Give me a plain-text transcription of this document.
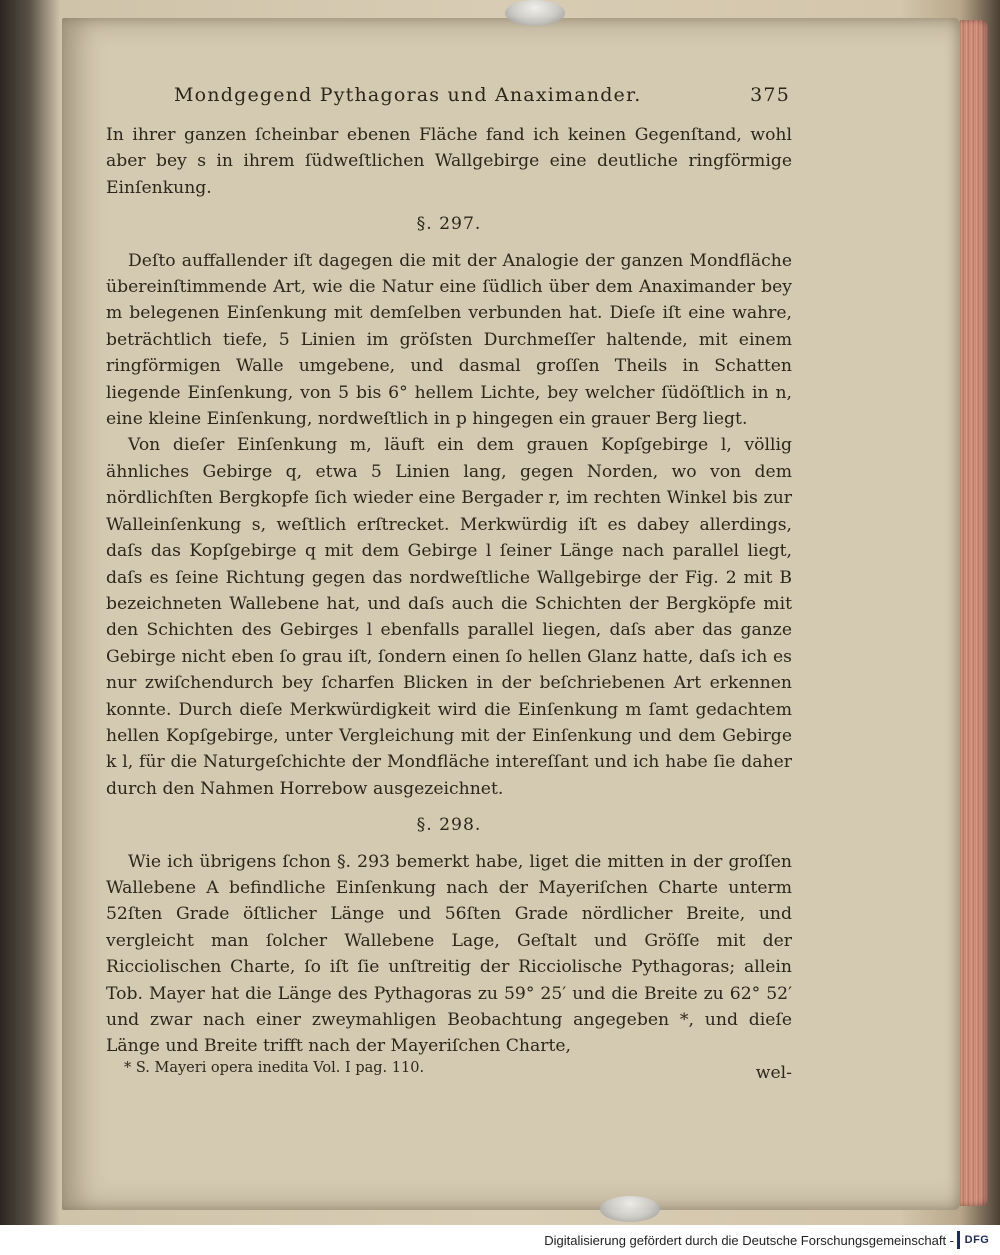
Mondgegend Pythagoras und Anaximander.	375

In ihrer ganzen ſcheinbar ebenen Fläche fand ich keinen Gegenſtand, wohl aber bey s in ihrem ſüdweſtlichen Wallgebirge eine deutliche ringförmige Einſenkung.

§. 297.

Deſto auffallender iſt dagegen die mit der Analogie der ganzen Mondfläche übereinſtimmende Art, wie die Natur eine ſüdlich über dem Anaximander bey m belegenen Einſenkung mit demſelben verbunden hat. Dieſe iſt eine wahre, beträchtlich tiefe, 5 Linien im gröſsten Durchmeſſer haltende, mit einem ringförmigen Walle umgebene, und dasmal groſſen Theils in Schatten liegende Einſenkung, von 5 bis 6° hellem Lichte, bey welcher ſüdöſtlich in n, eine kleine Einſenkung, nordweſtlich in p hingegen ein grauer Berg liegt.

Von dieſer Einſenkung m, läuft ein dem grauen Kopſgebirge l, völlig ähnliches Gebirge q, etwa 5 Linien lang, gegen Norden, wo von dem nördlichſten Bergkopfe ſich wieder eine Bergader r, im rechten Winkel bis zur Walleinſenkung s, weſtlich erſtrecket. Merkwürdig iſt es dabey allerdings, daſs das Kopſgebirge q mit dem Gebirge l ſeiner Länge nach parallel liegt, daſs es ſeine Richtung gegen das nordweſtliche Wallgebirge der Fig. 2 mit B bezeichneten Wallebene hat, und daſs auch die Schichten der Bergköpfe mit den Schichten des Gebirges l ebenfalls parallel liegen, daſs aber das ganze Gebirge nicht eben ſo grau iſt, ſondern einen ſo hellen Glanz hatte, daſs ich es nur zwiſchendurch bey ſcharfen Blicken in der beſchriebenen Art erkennen konnte. Durch dieſe Merkwürdigkeit wird die Einſenkung m ſamt gedachtem hellen Kopſgebirge, unter Vergleichung mit der Einſenkung und dem Gebirge k l, für die Naturgeſchichte der Mondfläche intereſſant und ich habe ſie daher durch den Nahmen Horrebow ausgezeichnet.

§. 298.

Wie ich übrigens ſchon §. 293 bemerkt habe, liget die mitten in der groſſen Wallebene A befindliche Einſenkung nach der Mayeriſchen Charte unterm 52ſten Grade öſtlicher Länge und 56ſten Grade nördlicher Breite, und vergleicht man ſolcher Wallebene Lage, Geſtalt und Gröſſe mit der Ricciolischen Charte, ſo iſt ſie unſtreitig der Ricciolische Pythagoras; allein Tob. Mayer hat die Länge des Pythagoras zu 59° 25′ und die Breite zu 62° 52′ und zwar nach einer zweymahligen Beobachtung angegeben *, und dieſe Länge und Breite trifft nach der Mayeriſchen Charte,

wel-

* S. Mayeri opera inedita Vol. I pag. 110.
Digitalisierung gefördert durch die Deutsche Forschungsgemeinschaft - DFG
